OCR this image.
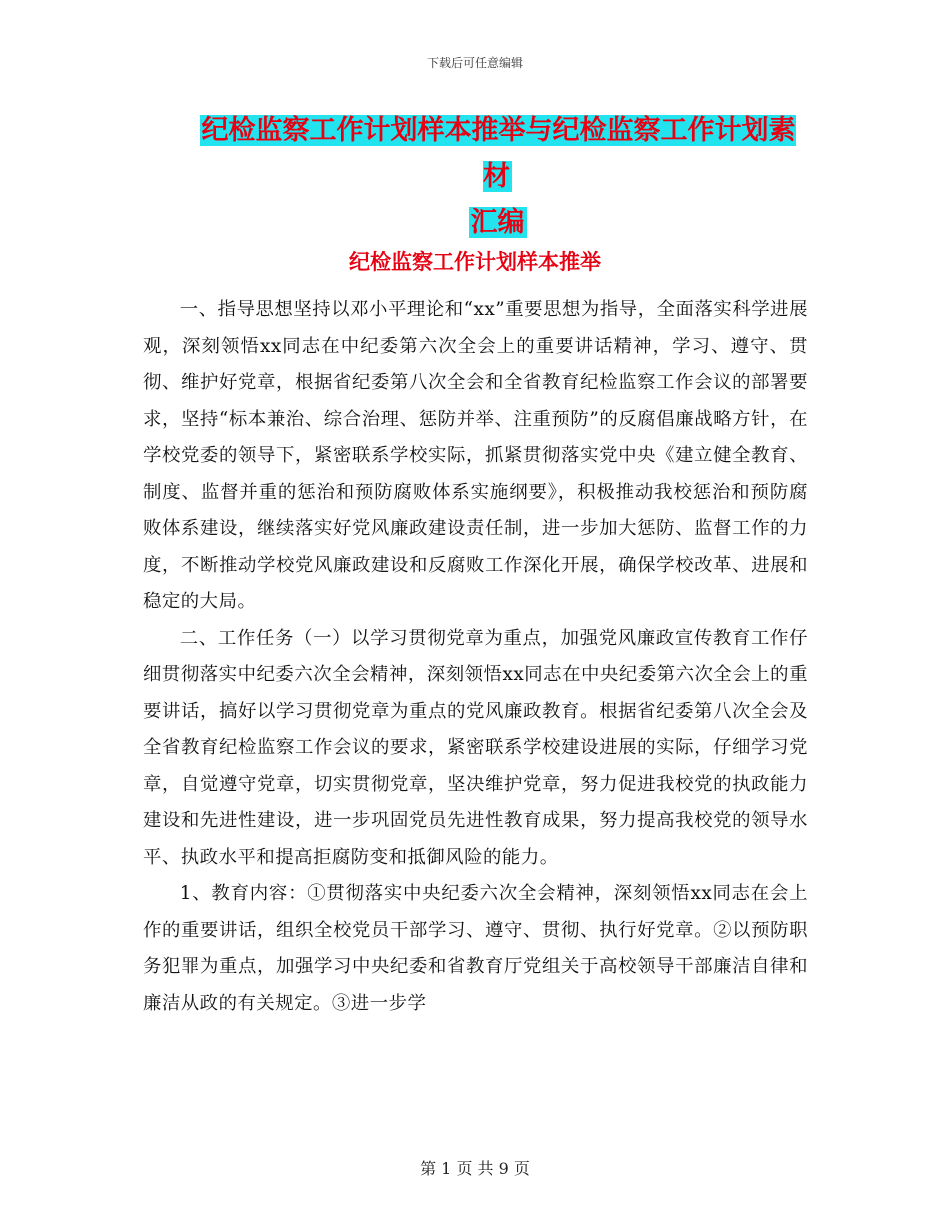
下载后可任意编辑
纪检监察工作计划样本推举与纪检监察工作计划素材
汇编
纪检监察工作计划样本推举

一、指导思想坚持以邓小平理论和“xx”重要思想为指导，全面落实科学进展观，深刻领悟xx同志在中纪委第六次全会上的重要讲话精神，学习、遵守、贯彻、维护好党章，根据省纪委第八次全会和全省教育纪检监察工作会议的部署要求，坚持“标本兼治、综合治理、惩防并举、注重预防”的反腐倡廉战略方针，在学校党委的领导下，紧密联系学校实际，抓紧贯彻落实党中央《建立健全教育、制度、监督并重的惩治和预防腐败体系实施纲要》，积极推动我校惩治和预防腐败体系建设，继续落实好党风廉政建设责任制，进一步加大惩防、监督工作的力度，不断推动学校党风廉政建设和反腐败工作深化开展，确保学校改革、进展和稳定的大局。

二、工作任务（一）以学习贯彻党章为重点，加强党风廉政宣传教育工作仔细贯彻落实中纪委六次全会精神，深刻领悟xx同志在中央纪委第六次全会上的重要讲话，搞好以学习贯彻党章为重点的党风廉政教育。根据省纪委第八次全会及全省教育纪检监察工作会议的要求，紧密联系学校建设进展的实际，仔细学习党章，自觉遵守党章，切实贯彻党章，坚决维护党章，努力促进我校党的执政能力建设和先进性建设，进一步巩固党员先进性教育成果，努力提高我校党的领导水平、执政水平和提高拒腐防变和抵御风险的能力。

1、教育内容：①贯彻落实中央纪委六次全会精神，深刻领悟xx同志在会上作的重要讲话，组织全校党员干部学习、遵守、贯彻、执行好党章。②以预防职务犯罪为重点，加强学习中央纪委和省教育厅党组关于高校领导干部廉洁自律和廉洁从政的有关规定。③进一步学

第 1 页 共 9 页
